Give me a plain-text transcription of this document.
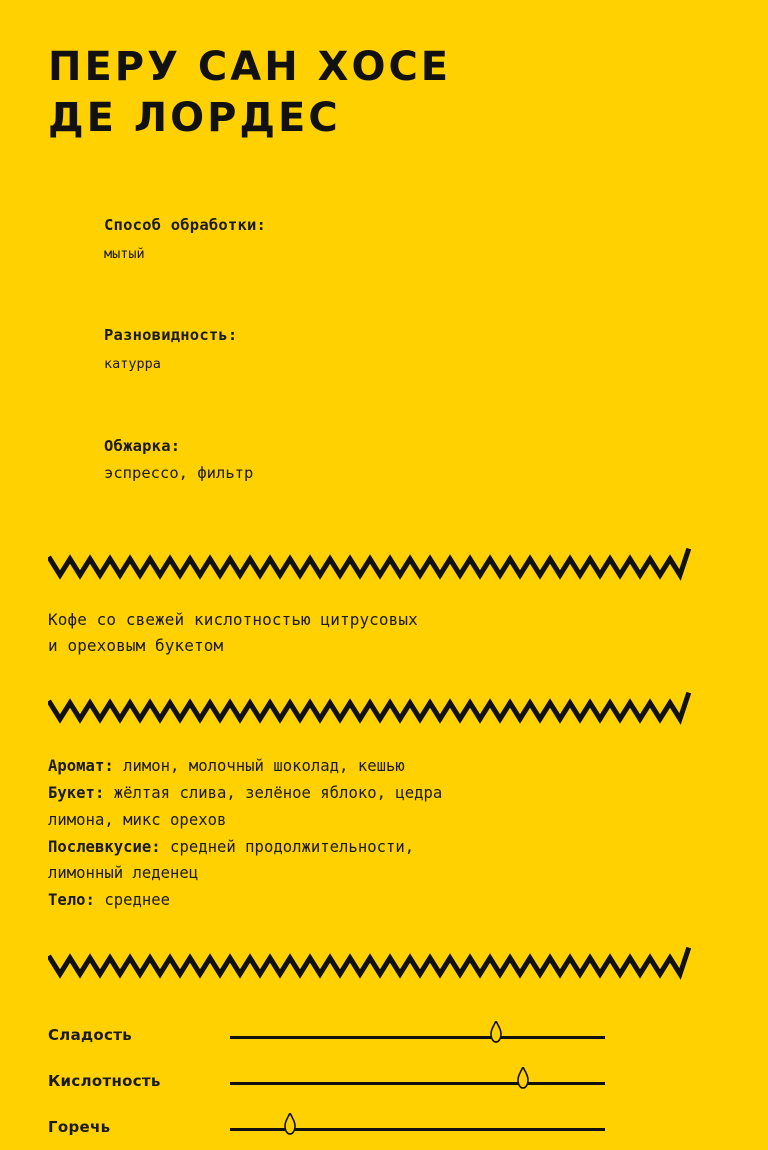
ПЕРУ САН ХОСЕ
ДЕ ЛОРДЕС

Способ обработки:
мытый

Разновидность:
катурра

Обжарка:
эспрессо, фильтр

Кофе со свежей кислотностью цитрусовых
и ореховым букетом
Аромат: лимон, молочный шоколад, кешью
Букет: жёлтая слива, зелёное яблоко, цедра
лимона, микс орехов
Послевкусие: средней продолжительности,
лимонный леденец
Тело: среднее
Сладость
Кислотность
Горечь
